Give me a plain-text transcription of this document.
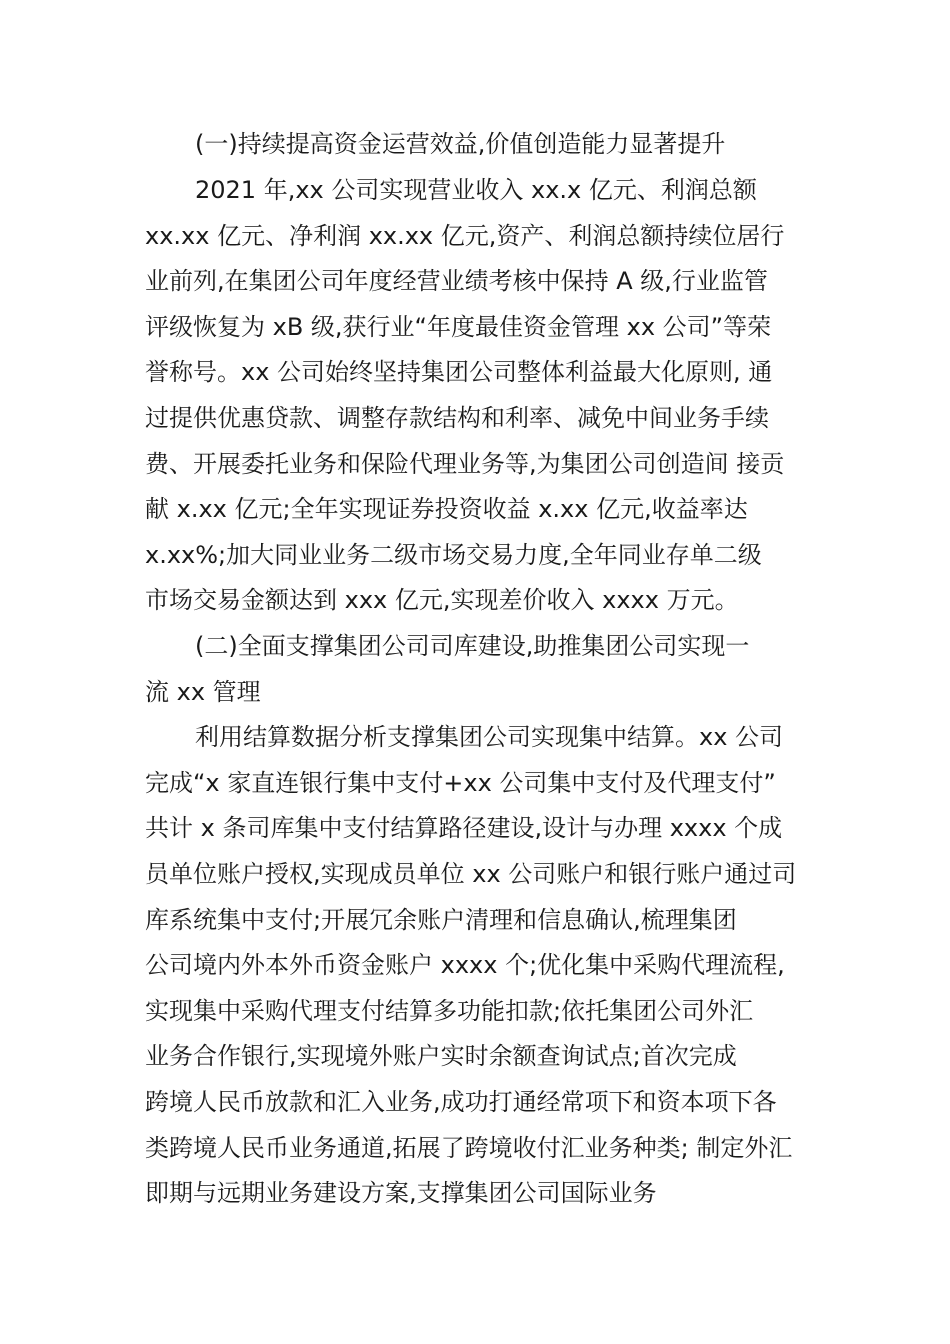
(一)持续提高资金运营效益,价值创造能力显著提升
2021 年,xx 公司实现营业收入 xx.x 亿元、利润总额
xx.xx 亿元、净利润 xx.xx 亿元,资产、利润总额持续位居行
业前列,在集团公司年度经营业绩考核中保持 A 级,行业监管
评级恢复为 xB 级,获行业“年度最佳资金管理 xx 公司”等荣
誉称号。xx 公司始终坚持集团公司整体利益最大化原则, 通
过提供优惠贷款、调整存款结构和利率、减免中间业务手续
费、开展委托业务和保险代理业务等,为集团公司创造间 接贡
献 x.xx 亿元;全年实现证券投资收益 x.xx 亿元,收益率达
x.xx%;加大同业业务二级市场交易力度,全年同业存单二级
市场交易金额达到 xxx 亿元,实现差价收入 xxxx 万元。
(二)全面支撑集团公司司库建设,助推集团公司实现一
流 xx 管理
利用结算数据分析支撑集团公司实现集中结算。xx 公司
完成“x 家直连银行集中支付+xx 公司集中支付及代理支付”
共计 x 条司库集中支付结算路径建设,设计与办理 xxxx 个成
员单位账户授权,实现成员单位 xx 公司账户和银行账户通过司
库系统集中支付;开展冗余账户清理和信息确认,梳理集团
公司境内外本外币资金账户 xxxx 个;优化集中采购代理流程,
实现集中采购代理支付结算多功能扣款;依托集团公司外汇
业务合作银行,实现境外账户实时余额查询试点;首次完成
跨境人民币放款和汇入业务,成功打通经常项下和资本项下各
类跨境人民币业务通道,拓展了跨境收付汇业务种类; 制定外汇
即期与远期业务建设方案,支撑集团公司国际业务
